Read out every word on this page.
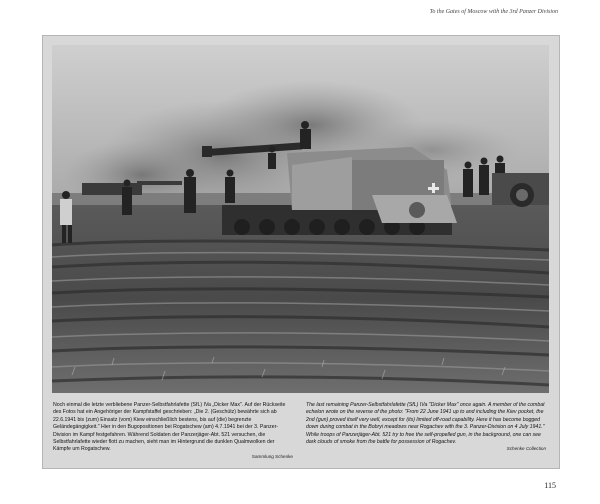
To the Gates of Moscow with the 3rd Panzer Division

Noch einmal die letzte verbliebene Panzer-Selbstfahrlafette (SfL) IVa „Dicker Max". Auf der Rückseite des Fotos hat ein Angehöriger der Kampfstaffel geschrieben: „Die 2. (Geschütz) bewährte sich ab 22.6.1941 bis (zum) Einsatz (vom) Kiew einschließlich bestens, bis auf (die) begrenzte Geländegängigkeit." Hier in den Bugopositionen bei Rogatschew (am) 4.7.1941 bei der 3. Panzer-Division im Kampf festgefahren. Während Soldaten der Panzerjäger-Abt. 521 versuchen, die Selbstfahrlafette wieder flott zu machen, sieht man im Hintergrund die dunklen Qualmwolken der Kämpfe um Rogatschew.

Sammlung Schenke

The last remaining Panzer-Selbstfahrlafette (SfL) IVa "Dicker Max" once again. A member of the combat echelon wrote on the reverse of the photo: "From 22 June 1941 up to and including the Kiev pocket, the 2nd (gun) proved itself very well, except for (its) limited off-road capability. Here it has become bogged down during combat in the Bobryi meadows near Rogachev with the 3. Panzer-Division on 4 July 1941." While troops of Panzerjäger-Abt. 521 try to free the self-propelled gun, in the background, one can see dark clouds of smoke from the battle for possession of Rogachev.

Schenke Collection
115
